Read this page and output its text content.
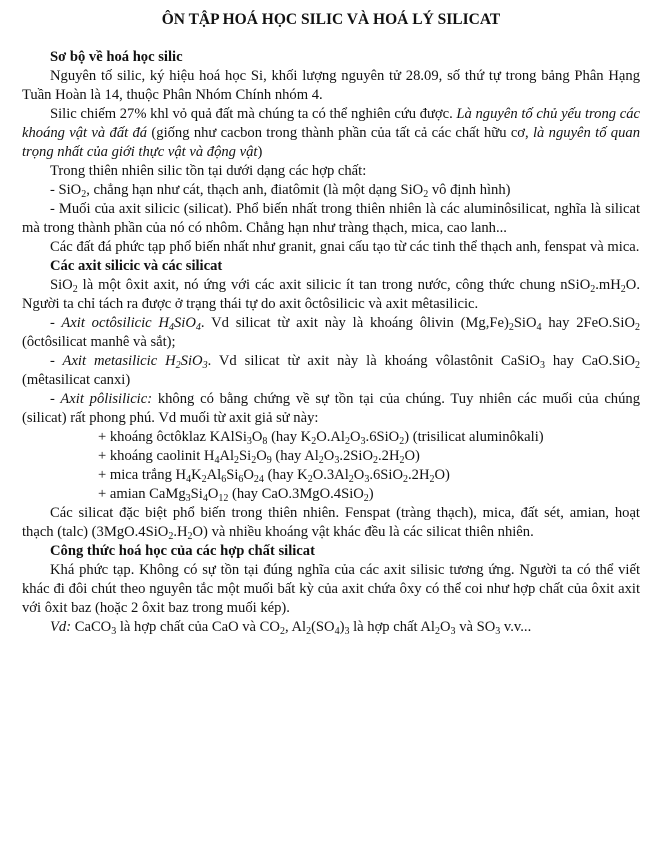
ÔN TẬP HOÁ HỌC SILIC VÀ HOÁ LÝ SILICAT
Sơ bộ về hoá học silic

Nguyên tố silic, ký hiệu hoá học Si, khối lượng nguyên tử 28.09, số thứ tự trong bảng Phân Hạng Tuần Hoàn là 14, thuộc Phân Nhóm Chính nhóm 4.

Silic chiếm 27% khl vỏ quả đất mà chúng ta có thể nghiên cứu được. Là nguyên tố chủ yếu trong các khoáng vật và đất đá (giống như cacbon trong thành phần của tất cả các chất hữu cơ, là nguyên tố quan trọng nhất của giới thực vật và động vật)

Trong thiên nhiên silic tồn tại dưới dạng các hợp chất:

- SiO$_2$, chẳng hạn như cát, thạch anh, điatômit (là một dạng SiO$_2$ vô định hình)

- Muối của axit silicic (silicat). Phổ biến nhất trong thiên nhiên là các aluminôsilicat, nghĩa là silicat mà trong thành phần của nó có nhôm. Chẳng hạn như tràng thạch, mica, cao lanh...

Các đất đá phức tạp phổ biến nhất như granit, gnai cấu tạo từ các tinh thể thạch anh, fenspat và mica.

Các axit silicic và các silicat

SiO$_2$ là một ôxit axit, nó ứng với các axit silicic ít tan trong nước, công thức chung $nSiO_2.mH_2O$. Người ta chỉ tách ra được ở trạng thái tự do axit ôctôsilicic và axit mêtasilicic.

- Axit octôsilicic $H_4SiO_4$. Vd silicat từ axit này là khoáng ôlivin $(Mg,Fe)_2SiO_4$ hay 2FeO.SiO$_2$ (ôctôsilicat manhê và sắt);

- Axit metasilicic $H_2SiO_3$. Vd silicat từ axit này là khoáng vôlastônit CaSiO$_3$ hay CaO.SiO$_2$ (mêtasilicat canxi)

- Axit pôlisilicic: không có bằng chứng về sự tồn tại của chúng. Tuy nhiên các muối của chúng (silicat) rất phong phú. Vd muối từ axit giả sử này:

+ khoáng ôctôklaz $KAlSi_3O_8$ (hay $K_2O.Al_2O_3.6SiO_2$) (trisilicat aluminôkali)

+ khoáng caolinit $H_4Al_2Si_2O_9$ (hay $Al_2O_3.2SiO_2.2H_2O$)

+ mica trắng $H_4K_2Al_6Si_6O_{24}$ (hay $K_2O.3Al_2O_3.6SiO_2.2H_2O$)

+ amian $CaMg_3Si_4O_{12}$ (hay CaO.3MgO.4SiO$_2$)

Các silicat đặc biệt phổ biến trong thiên nhiên. Fenspat (tràng thạch), mica, đất sét, amian, hoạt thạch (talc) $(3MgO.4SiO_2.H_2O)$ và nhiều khoáng vật khác đều là các silicat thiên nhiên.

Công thức hoá học của các hợp chất silicat

Khá phức tạp. Không có sự tồn tại đúng nghĩa của các axit silisic tương ứng. Người ta có thể viết khác đi đôi chút theo nguyên tắc một muối bất kỳ của axit chứa ôxy có thể coi như hợp chất của ôxit axit với ôxit baz (hoặc 2 ôxit baz trong muối kép).

Vd: CaCO$_3$ là hợp chất của CaO và $CO_2$, $Al_2(SO_4)_3$ là hợp chất $Al_2O_3$ và $SO_3$ v.v...
